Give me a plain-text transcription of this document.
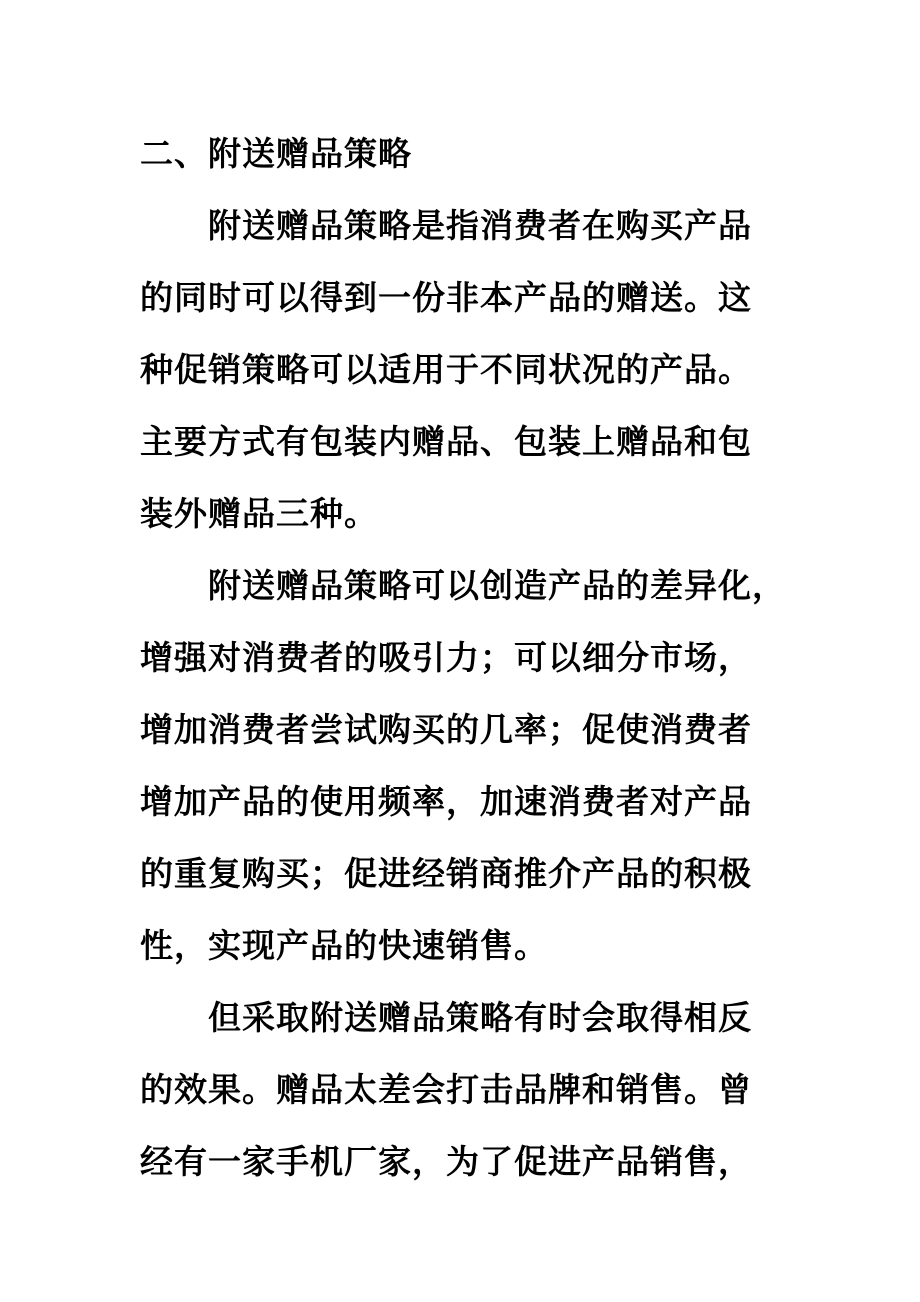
二、附送赠品策略

附送赠品策略是指消费者在购买产品
的同时可以得到一份非本产品的赠送。这
种促销策略可以适用于不同状况的产品。
主要方式有包装内赠品、包装上赠品和包
装外赠品三种。

附送赠品策略可以创造产品的差异化，
增强对消费者的吸引力；可以细分市场，
增加消费者尝试购买的几率；促使消费者
增加产品的使用频率，加速消费者对产品
的重复购买；促进经销商推介产品的积极
性，实现产品的快速销售。

但采取附送赠品策略有时会取得相反
的效果。赠品太差会打击品牌和销售。曾
经有一家手机厂家，为了促进产品销售，
